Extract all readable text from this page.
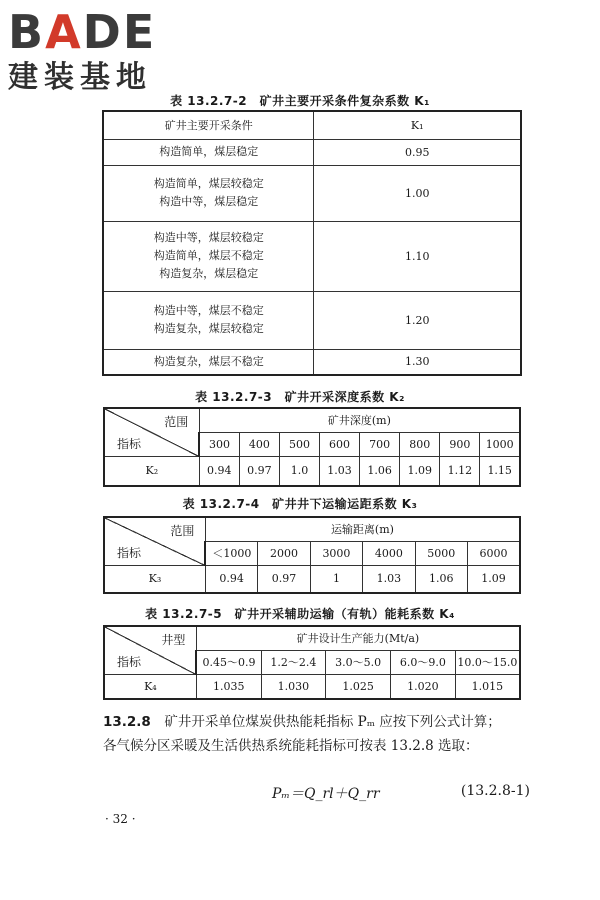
BADE
建装基地
表 13.2.7-2　矿井主要开采条件复杂系数 K₁
矿井主要开采条件	K₁

构造简单，煤层稳定	0.95

构造简单，煤层较稳定
构造中等，煤层稳定	1.00

构造中等，煤层较稳定
构造简单，煤层不稳定
构造复杂，煤层稳定	1.10

构造中等，煤层不稳定
构造复杂，煤层较稳定	1.20

构造复杂，煤层不稳定	1.30
表 13.2.7-3　矿井开采深度系数 K₂
范围
指标	矿井深度(m)							
	300	400	500	600	700	800	900	1000
K₂	0.94	0.97	1.0	1.03	1.06	1.09	1.12	1.15
表 13.2.7-4　矿井井下运输运距系数 K₃
范围
指标	运输距离(m)					
	＜1000	2000	3000	4000	5000	6000
K₃	0.94	0.97	1	1.03	1.06	1.09
表 13.2.7-5　矿井开采辅助运输（有轨）能耗系数 K₄
井型
指标	矿井设计生产能力(Mt/a)				
	0.45～0.9	1.2～2.4	3.0～5.0	6.0～9.0	10.0～15.0
K₄	1.035	1.030	1.025	1.020	1.015
13.2.8　 矿井开采单位煤炭供热能耗指标 Pₘ 应按下列公式计算；
各气候分区采暖及生活供热系统能耗指标可按表 13.2.8 选取：
Pₘ＝Q_rl＋Q_rr	(13.2.8-1)
· 32 ·
